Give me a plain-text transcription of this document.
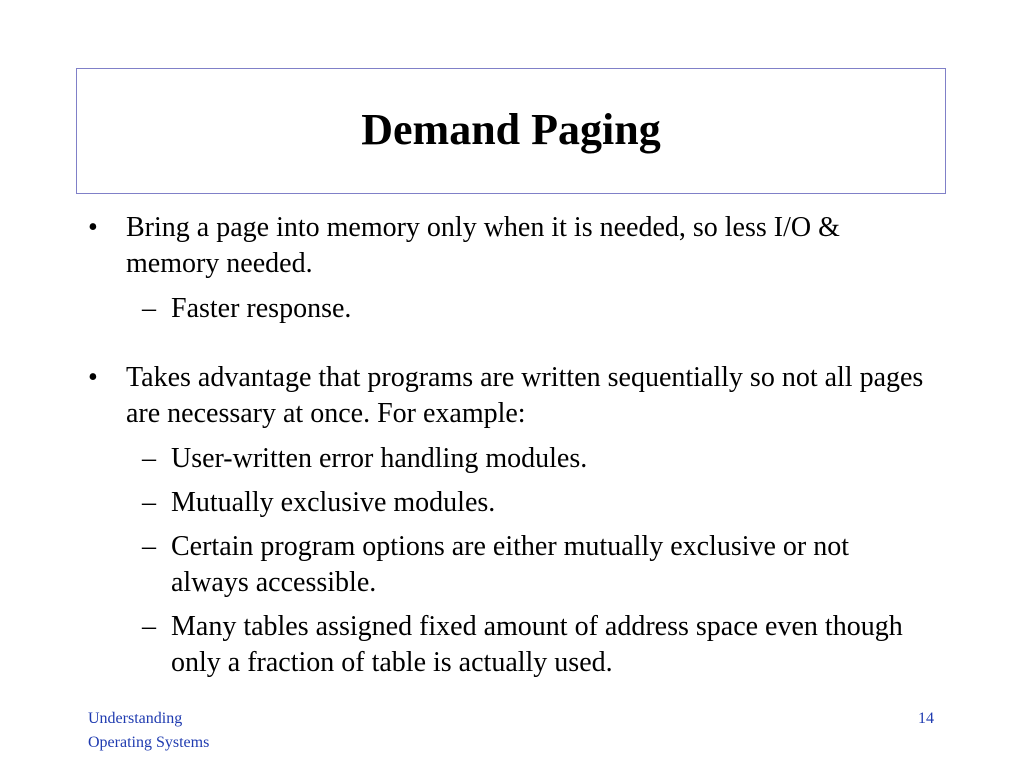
Demand Paging
• Bring a page into memory only when it is needed, so less I/O & memory needed.
– Faster response.
• Takes advantage that programs are written sequentially so not all pages are necessary at once. For example:
– User-written error handling modules.
– Mutually exclusive modules.
– Certain program options are either mutually exclusive or not always accessible.
– Many tables assigned fixed amount of address space even though only a fraction of table is actually used.
Understanding
Operating Systems
14
